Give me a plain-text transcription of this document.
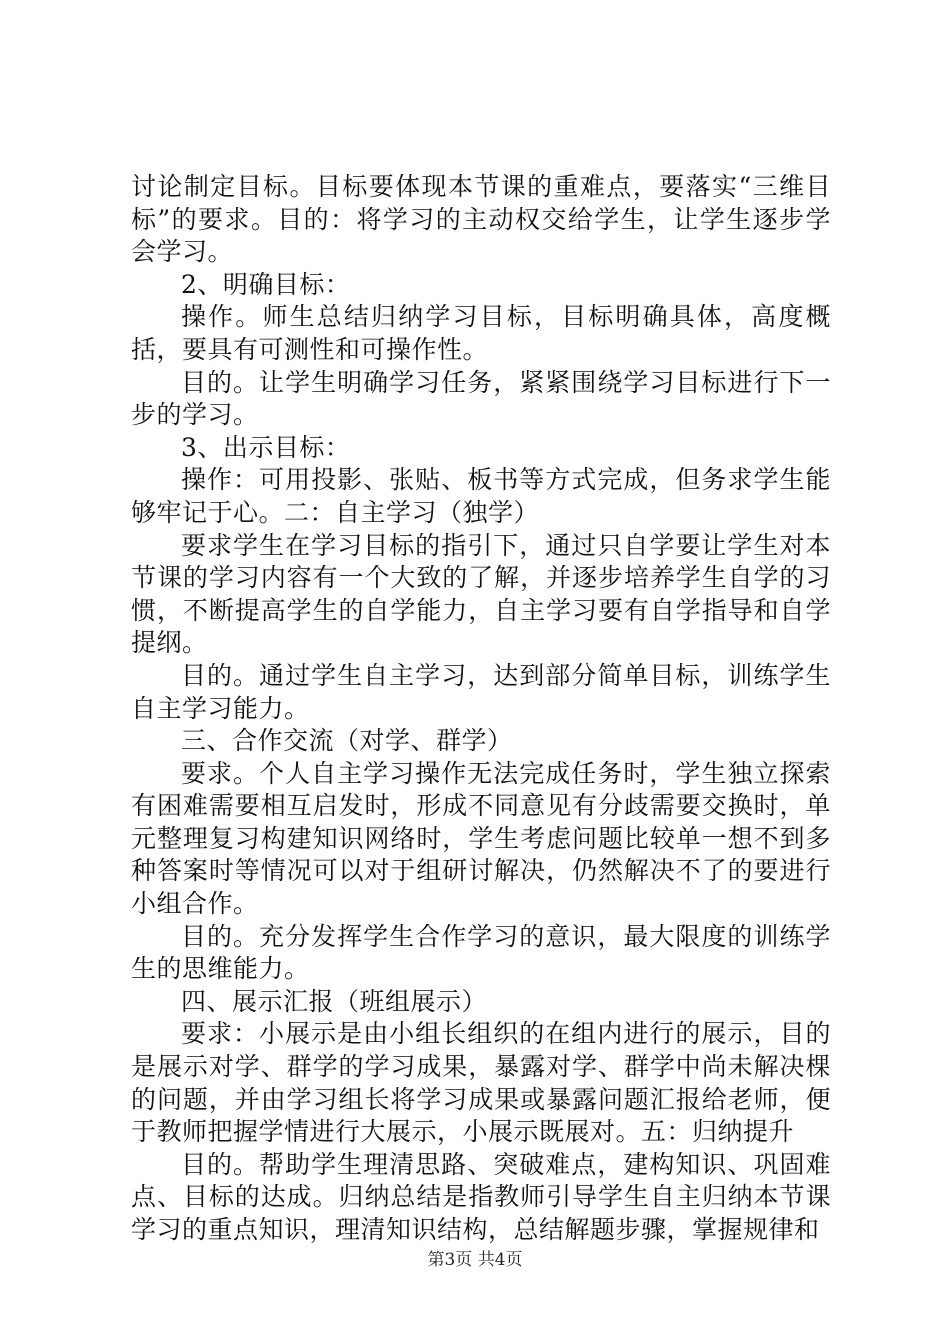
讨论制定目标。目标要体现本节课的重难点，要落实“三维目标”的要求。目的：将学习的主动权交给学生，让学生逐步学会学习。

2、明确目标：

操作。师生总结归纳学习目标，目标明确具体，高度概括，要具有可测性和可操作性。

目的。让学生明确学习任务，紧紧围绕学习目标进行下一步的学习。

3、出示目标：

操作：可用投影、张贴、板书等方式完成，但务求学生能够牢记于心。二：自主学习（独学）

要求学生在学习目标的指引下，通过只自学要让学生对本节课的学习内容有一个大致的了解，并逐步培养学生自学的习惯，不断提高学生的自学能力，自主学习要有自学指导和自学提纲。

目的。通过学生自主学习，达到部分简单目标，训练学生自主学习能力。

三、合作交流（对学、群学）

要求。个人自主学习操作无法完成任务时，学生独立探索有困难需要相互启发时，形成不同意见有分歧需要交换时，单元整理复习构建知识网络时，学生考虑问题比较单一想不到多种答案时等情况可以对于组研讨解决，仍然解决不了的要进行小组合作。

目的。充分发挥学生合作学习的意识，最大限度的训练学生的思维能力。

四、展示汇报（班组展示）

要求：小展示是由小组长组织的在组内进行的展示，目的是展示对学、群学的学习成果，暴露对学、群学中尚未解决棵的问题，并由学习组长将学习成果或暴露问题汇报给老师，便于教师把握学情进行大展示，小展示既展对。五：归纳提升

目的。帮助学生理清思路、突破难点，建构知识、巩固难点、目标的达成。归纳总结是指教师引导学生自主归纳本节课学习的重点知识，理清知识结构，总结解题步骤，掌握规律和

第3页 共4页
